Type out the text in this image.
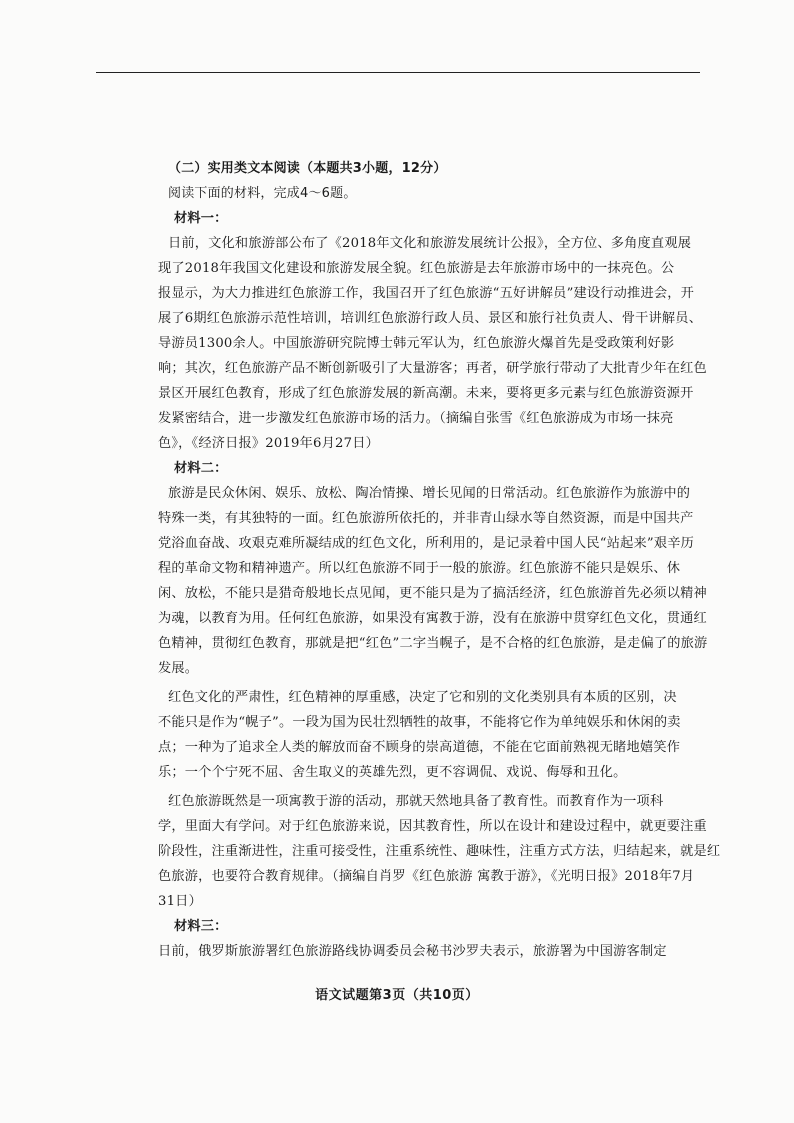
（二）实用类文本阅读（本题共3小题，12分）
阅读下面的材料，完成4～6题。
材料一：
日前，文化和旅游部公布了《2018年文化和旅游发展统计公报》，全方位、多角度直观展
现了2018年我国文化建设和旅游发展全貌。红色旅游是去年旅游市场中的一抹亮色。公
报显示，为大力推进红色旅游工作，我国召开了红色旅游“五好讲解员”建设行动推进会，开
展了6期红色旅游示范性培训，培训红色旅游行政人员、景区和旅行社负责人、骨干讲解员、
导游员1300余人。中国旅游研究院博士韩元军认为，红色旅游火爆首先是受政策利好影
响；其次，红色旅游产品不断创新吸引了大量游客；再者，研学旅行带动了大批青少年在红色
景区开展红色教育，形成了红色旅游发展的新高潮。未来，要将更多元素与红色旅游资源开
发紧密结合，进一步激发红色旅游市场的活力。（摘编自张雪《红色旅游成为市场一抹亮
色》，《经济日报》2019年6月27日）
材料二：
旅游是民众休闲、娱乐、放松、陶冶情操、增长见闻的日常活动。红色旅游作为旅游中的
特殊一类，有其独特的一面。红色旅游所依托的，并非青山绿水等自然资源，而是中国共产
党浴血奋战、攻艰克难所凝结成的红色文化，所利用的，是记录着中国人民“站起来”艰辛历
程的革命文物和精神遗产。所以红色旅游不同于一般的旅游。红色旅游不能只是娱乐、休
闲、放松，不能只是猎奇般地长点见闻，更不能只是为了搞活经济，红色旅游首先必须以精神
为魂，以教育为用。任何红色旅游，如果没有寓教于游，没有在旅游中贯穿红色文化，贯通红
色精神，贯彻红色教育，那就是把“红色”二字当幌子，是不合格的红色旅游，是走偏了的旅游
发展。
红色文化的严肃性，红色精神的厚重感，决定了它和别的文化类别具有本质的区别，决
不能只是作为“幌子”。一段为国为民壮烈牺牲的故事，不能将它作为单纯娱乐和休闲的卖
点；一种为了追求全人类的解放而奋不顾身的崇高道德，不能在它面前熟视无睹地嬉笑作
乐；一个个宁死不屈、舍生取义的英雄先烈，更不容调侃、戏说、侮辱和丑化。
红色旅游既然是一项寓教于游的活动，那就天然地具备了教育性。而教育作为一项科
学，里面大有学问。对于红色旅游来说，因其教育性，所以在设计和建设过程中，就更要注重
阶段性，注重渐进性，注重可接受性，注重系统性、趣味性，注重方式方法，归结起来，就是红
色旅游，也要符合教育规律。（摘编自肖罗《红色旅游 寓教于游》，《光明日报》2018年7月
31日）
材料三：
日前，俄罗斯旅游署红色旅游路线协调委员会秘书沙罗夫表示，旅游署为中国游客制定
语文试题第3页（共10页）
